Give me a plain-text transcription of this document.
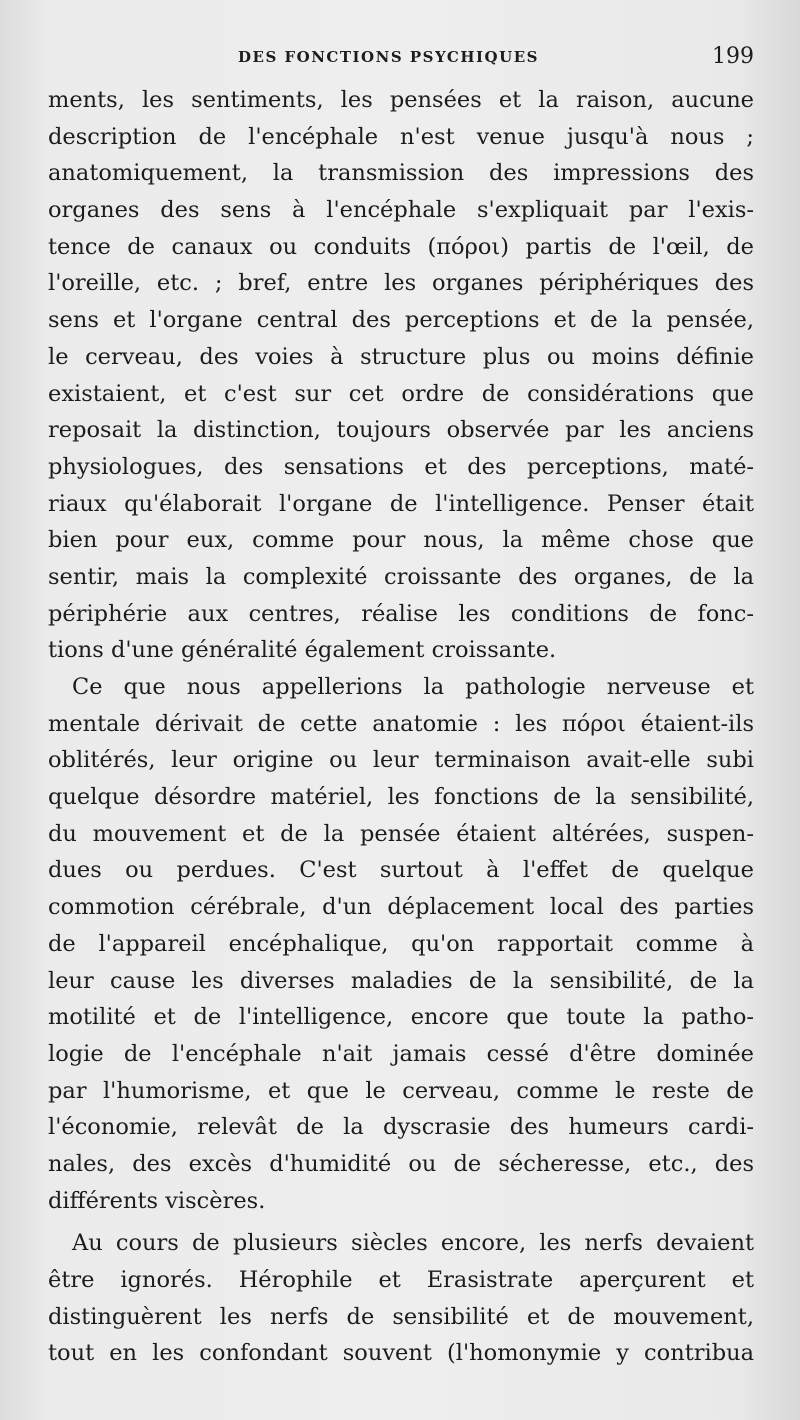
DES FONCTIONS PSYCHIQUES	199
ments, les sentiments, les pensées et la raison, aucune
description de l'encéphale n'est venue jusqu'à nous ;
anatomiquement, la transmission des impressions des
organes des sens à l'encéphale s'expliquait par l'exis-
tence de canaux ou conduits (πόροι) partis de l'œil, de
l'oreille, etc. ; bref, entre les organes périphériques des
sens et l'organe central des perceptions et de la pensée,
le cerveau, des voies à structure plus ou moins définie
existaient, et c'est sur cet ordre de considérations que
reposait la distinction, toujours observée par les anciens
physiologues, des sensations et des perceptions, maté-
riaux qu'élaborait l'organe de l'intelligence. Penser était
bien pour eux, comme pour nous, la même chose que
sentir, mais la complexité croissante des organes, de la
périphérie aux centres, réalise les conditions de fonc-
tions d'une généralité également croissante.
Ce que nous appellerions la pathologie nerveuse et
mentale dérivait de cette anatomie : les πόροι étaient-ils
oblitérés, leur origine ou leur terminaison avait-elle subi
quelque désordre matériel, les fonctions de la sensibilité,
du mouvement et de la pensée étaient altérées, suspen-
dues ou perdues. C'est surtout à l'effet de quelque
commotion cérébrale, d'un déplacement local des parties
de l'appareil encéphalique, qu'on rapportait comme à
leur cause les diverses maladies de la sensibilité, de la
motilité et de l'intelligence, encore que toute la patho-
logie de l'encéphale n'ait jamais cessé d'être dominée
par l'humorisme, et que le cerveau, comme le reste de
l'économie, relevât de la dyscrasie des humeurs cardi-
nales, des excès d'humidité ou de sécheresse, etc., des
différents viscères.
Au cours de plusieurs siècles encore, les nerfs devaient
être ignorés. Hérophile et Erasistrate aperçurent et
distinguèrent les nerfs de sensibilité et de mouvement,
tout en les confondant souvent (l'homonymie y contribua
